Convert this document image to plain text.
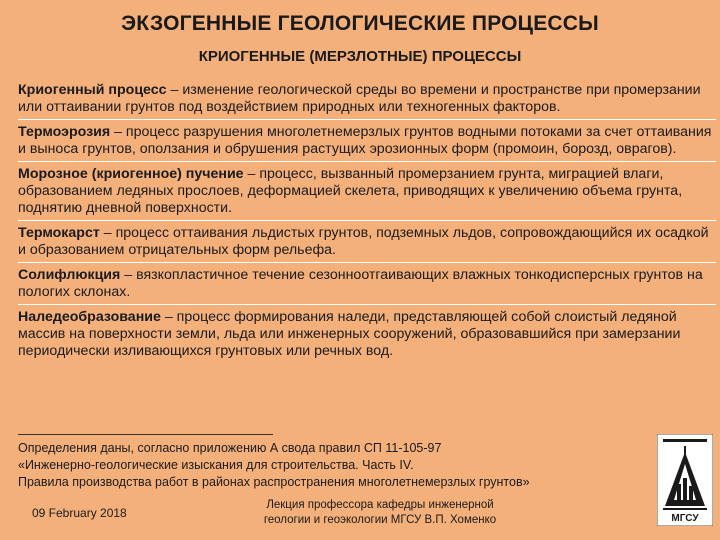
ЭКЗОГЕННЫЕ ГЕОЛОГИЧЕСКИЕ ПРОЦЕССЫ
КРИОГЕННЫЕ (МЕРЗЛОТНЫЕ) ПРОЦЕССЫ
Криогенный процесс – изменение геологической среды во времени и пространстве при промерзании или оттаивании грунтов под воздействием природных или техногенных факторов.
Термоэрозия – процесс разрушения многолетнемерзлых грунтов водными потоками за счет оттаивания и выноса грунтов, оползания и обрушения растущих эрозионных форм (промоин, борозд, оврагов).
Морозное (криогенное) пучение – процесс, вызванный промерзанием грунта, миграцией влаги, образованием ледяных прослоев, деформацией скелета, приводящих к увеличению объема грунта, поднятию дневной поверхности.
Термокарст – процесс оттаивания льдистых грунтов, подземных льдов, сопровождающийся их осадкой и образованием отрицательных форм рельефа.
Солифлюкция – вязкопластичное течение сезонноотгаивающих влажных тонкодисперсных грунтов на пологих склонах.
Наледеобразование – процесс формирования наледи, представляющей собой слоистый ледяной массив на поверхности земли, льда или инженерных сооружений, образовавшийся при замерзании периодически изливающихся грунтовых или речных вод.
Определения даны, согласно приложению А свода правил СП 11-105-97
«Инженерно-геологические изыскания для строительства. Часть IV.
Правила производства работ в районах распространения многолетнемерзлых грунтов»
09 February 2018
Лекция профессора кафедры инженерной
геологии и геоэкологии МГСУ В.П. Хоменко	МГСУ
